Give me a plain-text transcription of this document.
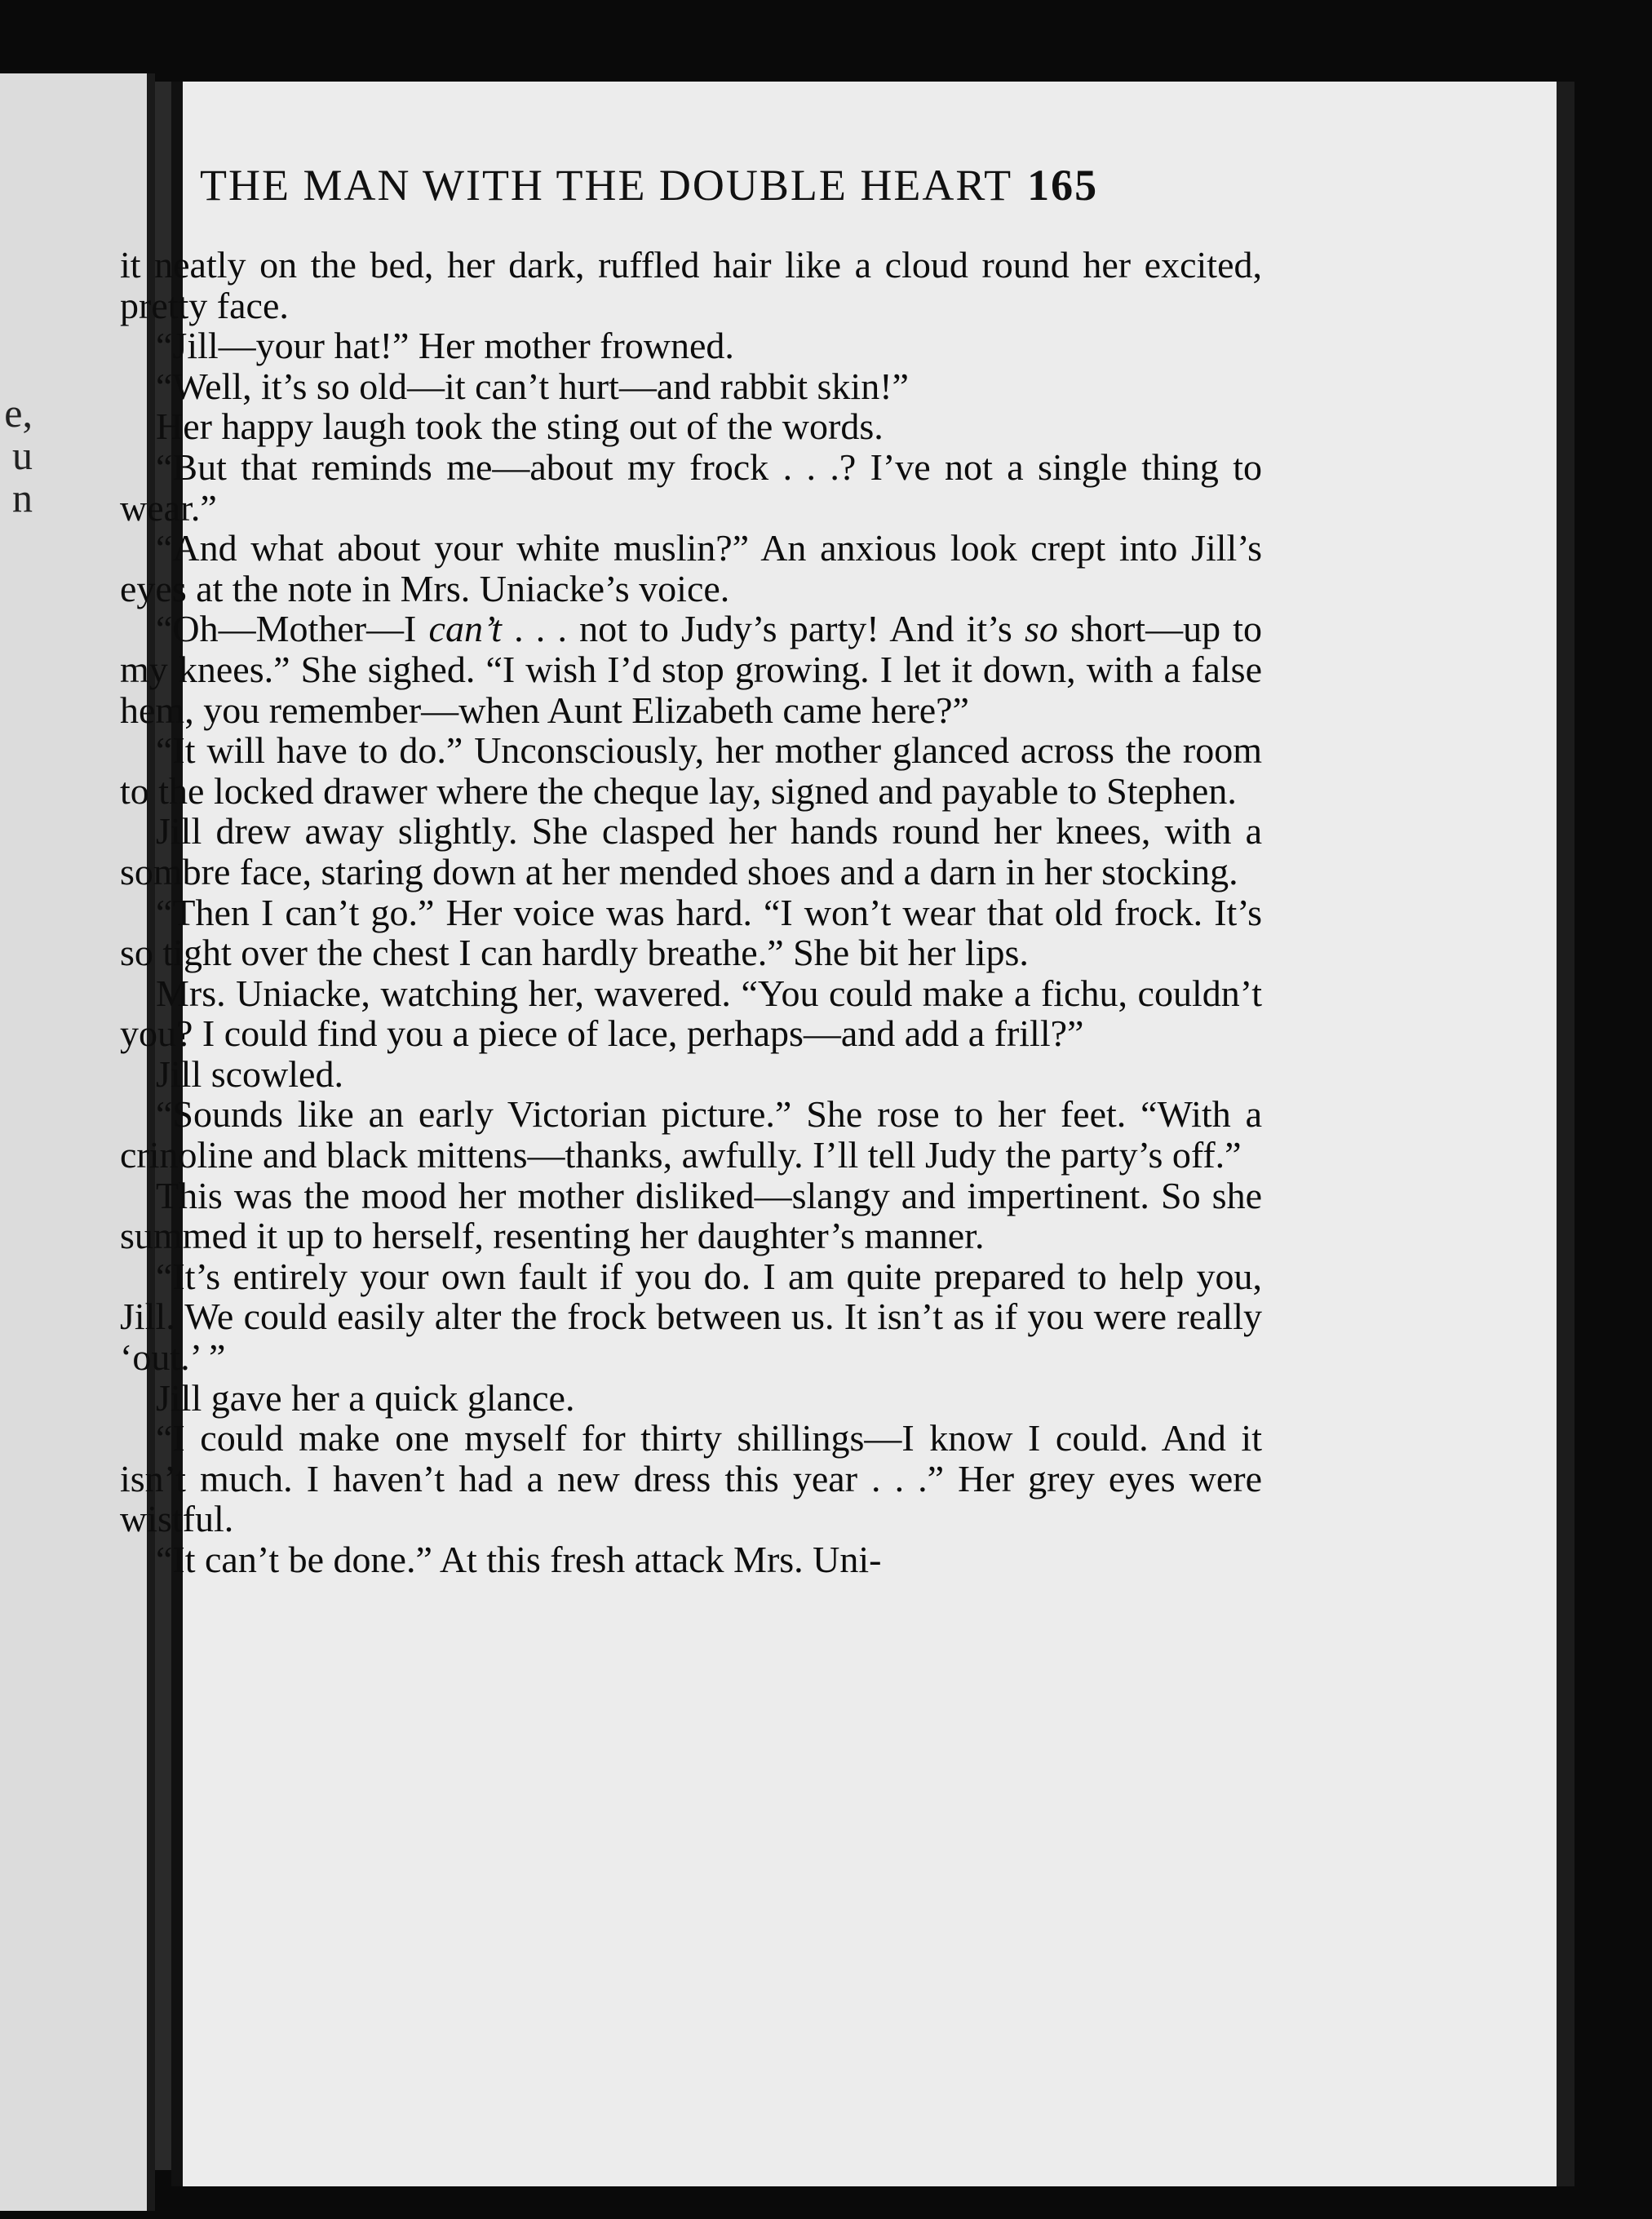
e,
u
n
THE MAN WITH THE DOUBLE HEART 165

it neatly on the bed, her dark, ruffled hair like a cloud round her excited, pretty face.

“Jill—your hat!” Her mother frowned.

“Well, it’s so old—it can’t hurt—and rabbit skin!”

Her happy laugh took the sting out of the words.

“But that reminds me—about my frock . . .? I’ve not a single thing to wear.”

“And what about your white muslin?” An anxious look crept into Jill’s eyes at the note in Mrs. Uniacke’s voice.

“Oh—Mother—I can’t . . . not to Judy’s party! And it’s so short—up to my knees.” She sighed. “I wish I’d stop growing. I let it down, with a false hem, you remember—when Aunt Elizabeth came here?”

“It will have to do.” Unconsciously, her mother glanced across the room to the locked drawer where the cheque lay, signed and payable to Stephen.

Jill drew away slightly. She clasped her hands round her knees, with a sombre face, staring down at her mended shoes and a darn in her stocking.

“Then I can’t go.” Her voice was hard. “I won’t wear that old frock. It’s so tight over the chest I can hardly breathe.” She bit her lips.

Mrs. Uniacke, watching her, wavered. “You could make a fichu, couldn’t you? I could find you a piece of lace, perhaps—and add a frill?”

Jill scowled.

“Sounds like an early Victorian picture.” She rose to her feet. “With a crinoline and black mittens—thanks, awfully. I’ll tell Judy the party’s off.”

This was the mood her mother disliked—slangy and impertinent. So she summed it up to herself, resenting her daughter’s manner.

“It’s entirely your own fault if you do. I am quite prepared to help you, Jill. We could easily alter the frock between us. It isn’t as if you were really ‘out.’ ”

Jill gave her a quick glance.

“I could make one myself for thirty shillings—I know I could. And it isn’t much. I haven’t had a new dress this year . . .” Her grey eyes were wistful.

“It can’t be done.” At this fresh attack Mrs. Uni-
